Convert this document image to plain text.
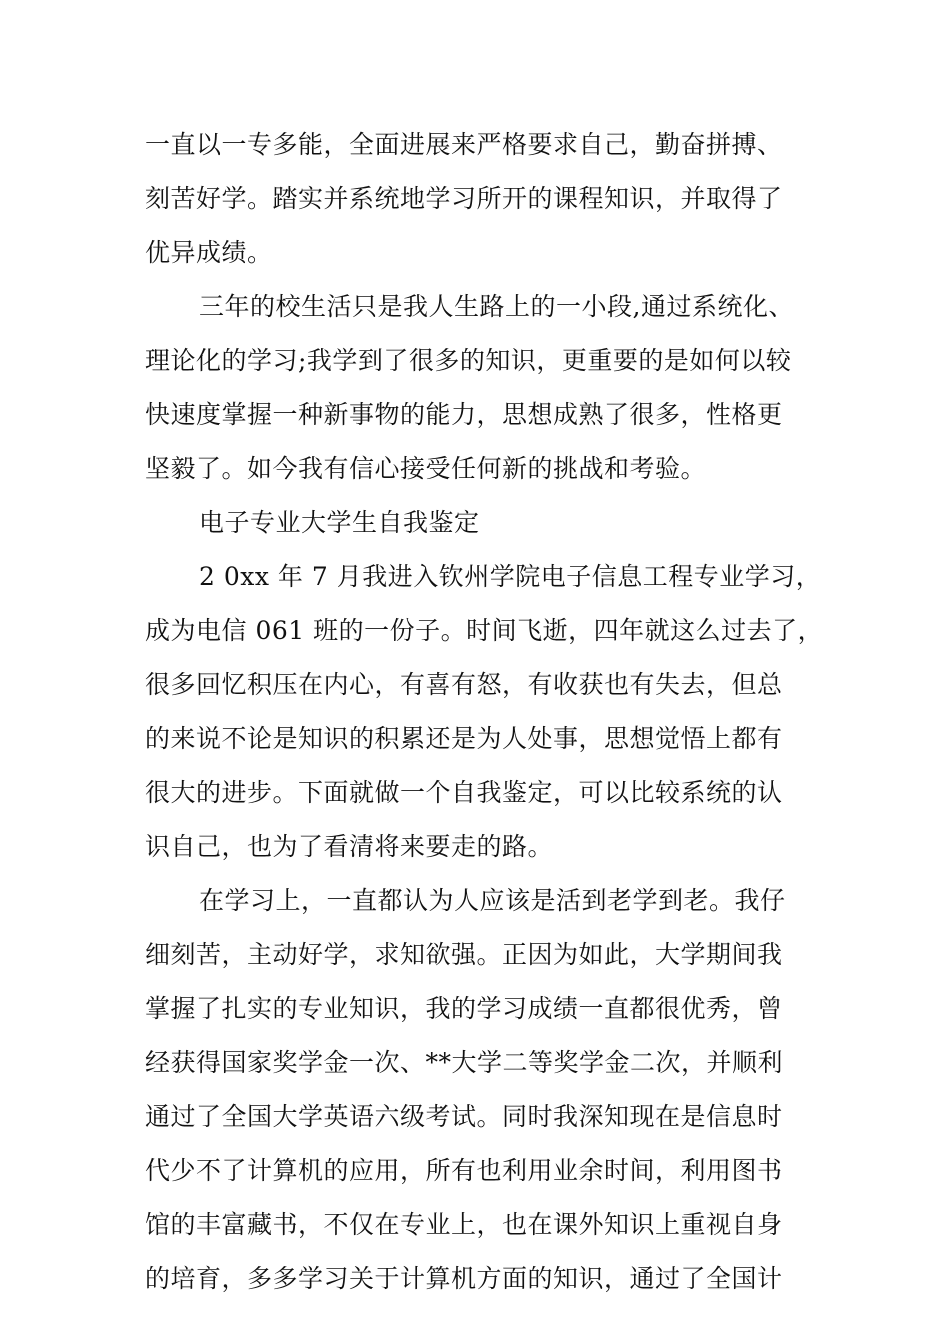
一直以一专多能，全面进展来严格要求自己，勤奋拼搏、
刻苦好学。踏实并系统地学习所开的课程知识，并取得了
优异成绩。
三年的校生活只是我人生路上的一小段,通过系统化、
理论化的学习;我学到了很多的知识，更重要的是如何以较
快速度掌握一种新事物的能力，思想成熟了很多，性格更
坚毅了。如今我有信心接受任何新的挑战和考验。
电子专业大学生自我鉴定
2 0xx 年 7 月我进入钦州学院电子信息工程专业学习，
成为电信 061 班的一份子。时间飞逝，四年就这么过去了，
很多回忆积压在内心，有喜有怒，有收获也有失去，但总
的来说不论是知识的积累还是为人处事，思想觉悟上都有
很大的进步。下面就做一个自我鉴定，可以比较系统的认
识自己，也为了看清将来要走的路。
在学习上，一直都认为人应该是活到老学到老。我仔
细刻苦，主动好学，求知欲强。正因为如此，大学期间我
掌握了扎实的专业知识，我的学习成绩一直都很优秀，曾
经获得国家奖学金一次、**大学二等奖学金二次，并顺利
通过了全国大学英语六级考试。同时我深知现在是信息时
代少不了计算机的应用，所有也利用业余时间，利用图书
馆的丰富藏书，不仅在专业上，也在课外知识上重视自身
的培育，多多学习关于计算机方面的知识，通过了全国计
